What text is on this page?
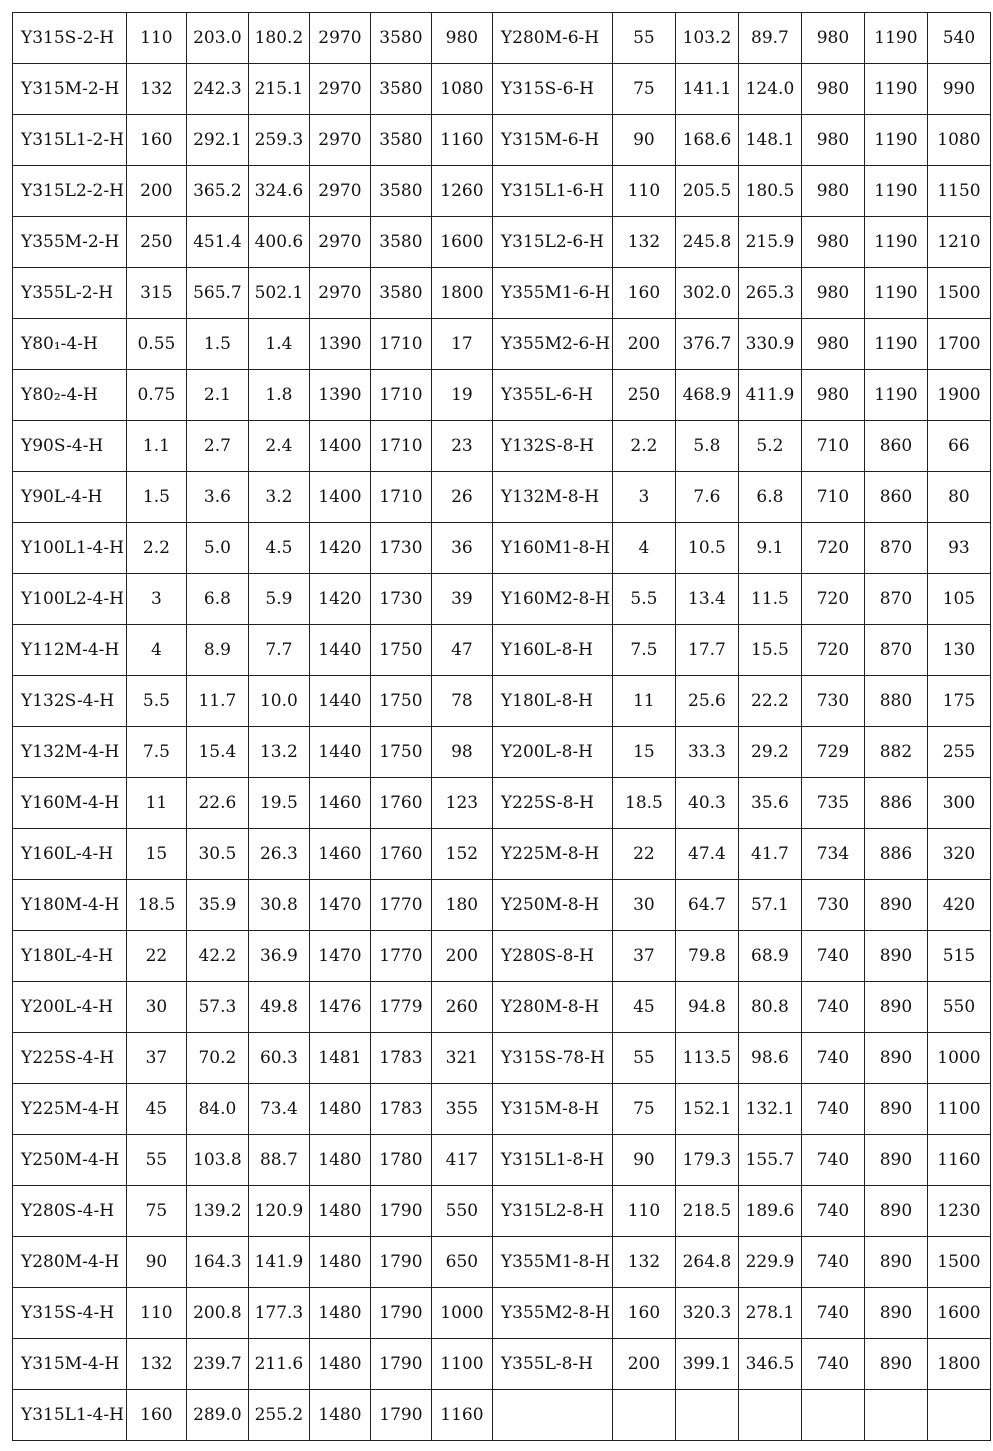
Y315S-2-H	110	203.0	180.2	2970	3580	980	Y280M-6-H	55	103.2	89.7	980	1190	540
Y315M-2-H	132	242.3	215.1	2970	3580	1080	Y315S-6-H	75	141.1	124.0	980	1190	990
Y315L1-2-H	160	292.1	259.3	2970	3580	1160	Y315M-6-H	90	168.6	148.1	980	1190	1080
Y315L2-2-H	200	365.2	324.6	2970	3580	1260	Y315L1-6-H	110	205.5	180.5	980	1190	1150
Y355M-2-H	250	451.4	400.6	2970	3580	1600	Y315L2-6-H	132	245.8	215.9	980	1190	1210
Y355L-2-H	315	565.7	502.1	2970	3580	1800	Y355M1-6-H	160	302.0	265.3	980	1190	1500
Y80₁-4-H	0.55	1.5	1.4	1390	1710	17	Y355M2-6-H	200	376.7	330.9	980	1190	1700
Y80₂-4-H	0.75	2.1	1.8	1390	1710	19	Y355L-6-H	250	468.9	411.9	980	1190	1900
Y90S-4-H	1.1	2.7	2.4	1400	1710	23	Y132S-8-H	2.2	5.8	5.2	710	860	66
Y90L-4-H	1.5	3.6	3.2	1400	1710	26	Y132M-8-H	3	7.6	6.8	710	860	80
Y100L1-4-H	2.2	5.0	4.5	1420	1730	36	Y160M1-8-H	4	10.5	9.1	720	870	93
Y100L2-4-H	3	6.8	5.9	1420	1730	39	Y160M2-8-H	5.5	13.4	11.5	720	870	105
Y112M-4-H	4	8.9	7.7	1440	1750	47	Y160L-8-H	7.5	17.7	15.5	720	870	130
Y132S-4-H	5.5	11.7	10.0	1440	1750	78	Y180L-8-H	11	25.6	22.2	730	880	175
Y132M-4-H	7.5	15.4	13.2	1440	1750	98	Y200L-8-H	15	33.3	29.2	729	882	255
Y160M-4-H	11	22.6	19.5	1460	1760	123	Y225S-8-H	18.5	40.3	35.6	735	886	300
Y160L-4-H	15	30.5	26.3	1460	1760	152	Y225M-8-H	22	47.4	41.7	734	886	320
Y180M-4-H	18.5	35.9	30.8	1470	1770	180	Y250M-8-H	30	64.7	57.1	730	890	420
Y180L-4-H	22	42.2	36.9	1470	1770	200	Y280S-8-H	37	79.8	68.9	740	890	515
Y200L-4-H	30	57.3	49.8	1476	1779	260	Y280M-8-H	45	94.8	80.8	740	890	550
Y225S-4-H	37	70.2	60.3	1481	1783	321	Y315S-78-H	55	113.5	98.6	740	890	1000
Y225M-4-H	45	84.0	73.4	1480	1783	355	Y315M-8-H	75	152.1	132.1	740	890	1100
Y250M-4-H	55	103.8	88.7	1480	1780	417	Y315L1-8-H	90	179.3	155.7	740	890	1160
Y280S-4-H	75	139.2	120.9	1480	1790	550	Y315L2-8-H	110	218.5	189.6	740	890	1230
Y280M-4-H	90	164.3	141.9	1480	1790	650	Y355M1-8-H	132	264.8	229.9	740	890	1500
Y315S-4-H	110	200.8	177.3	1480	1790	1000	Y355M2-8-H	160	320.3	278.1	740	890	1600
Y315M-4-H	132	239.7	211.6	1480	1790	1100	Y355L-8-H	200	399.1	346.5	740	890	1800
Y315L1-4-H	160	289.0	255.2	1480	1790	1160							
